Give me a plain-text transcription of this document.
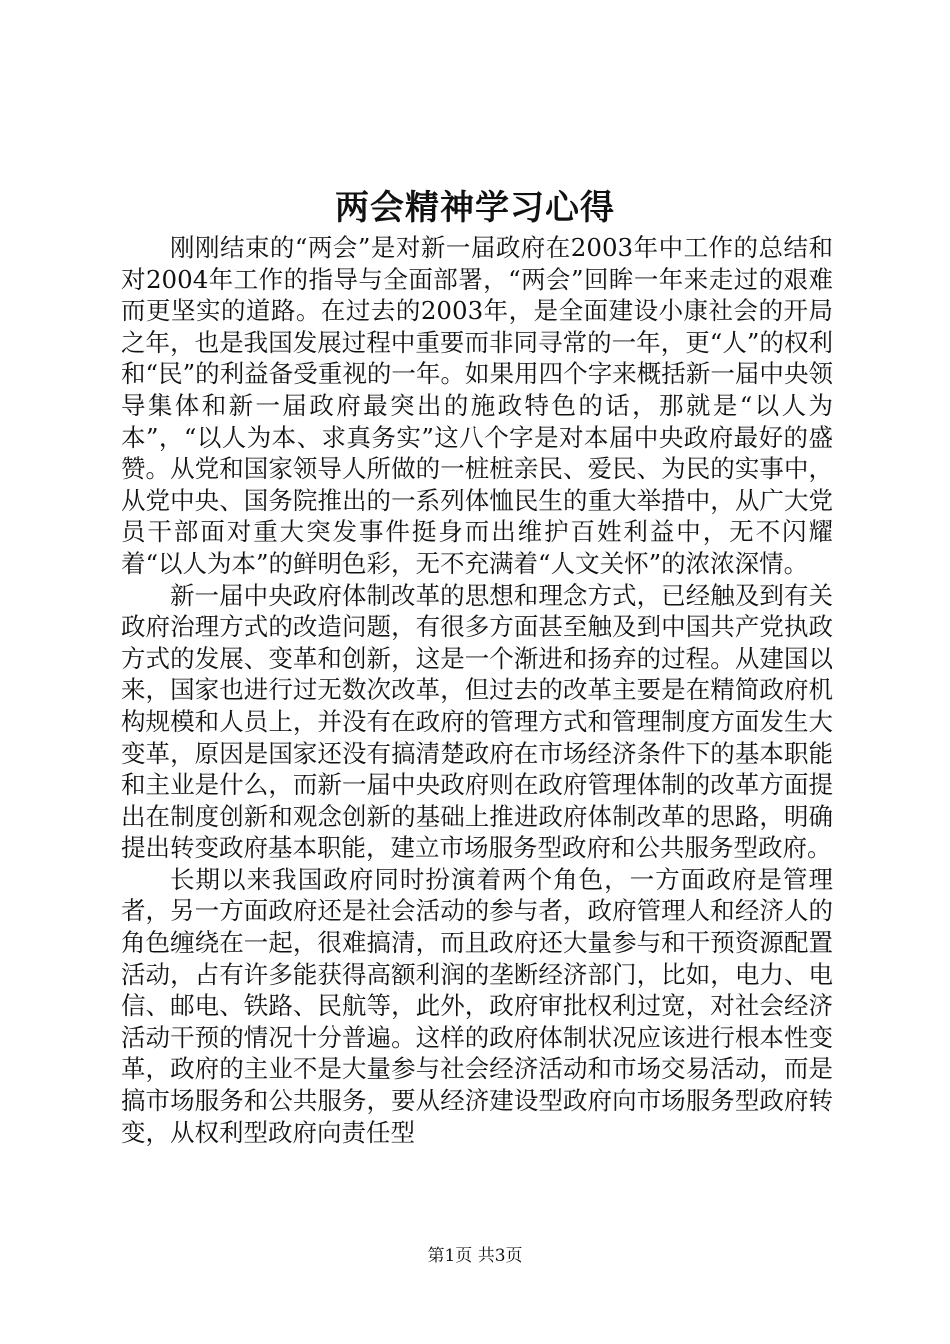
两会精神学习心得

刚刚结束的“两会”是对新一届政府在2003年中工作的总结和对2004年工作的指导与全面部署，“两会”回眸一年来走过的艰难而更坚实的道路。在过去的2003年，是全面建设小康社会的开局之年，也是我国发展过程中重要而非同寻常的一年，更“人”的权利和“民”的利益备受重视的一年。如果用四个字来概括新一届中央领导集体和新一届政府最突出的施政特色的话，那就是“以人为本”，“以人为本、求真务实”这八个字是对本届中央政府最好的盛赞。从党和国家领导人所做的一桩桩亲民、爱民、为民的实事中，从党中央、国务院推出的一系列体恤民生的重大举措中，从广大党员干部面对重大突发事件挺身而出维护百姓利益中，无不闪耀着“以人为本”的鲜明色彩，无不充满着“人文关怀”的浓浓深情。

新一届中央政府体制改革的思想和理念方式，已经触及到有关政府治理方式的改造问题，有很多方面甚至触及到中国共产党执政方式的发展、变革和创新，这是一个渐进和扬弃的过程。从建国以来，国家也进行过无数次改革，但过去的改革主要是在精简政府机构规模和人员上，并没有在政府的管理方式和管理制度方面发生大变革，原因是国家还没有搞清楚政府在市场经济条件下的基本职能和主业是什么，而新一届中央政府则在政府管理体制的改革方面提出在制度创新和观念创新的基础上推进政府体制改革的思路，明确提出转变政府基本职能，建立市场服务型政府和公共服务型政府。

长期以来我国政府同时扮演着两个角色，一方面政府是管理者，另一方面政府还是社会活动的参与者，政府管理人和经济人的角色缠绕在一起，很难搞清，而且政府还大量参与和干预资源配置活动，占有许多能获得高额利润的垄断经济部门，比如，电力、电信、邮电、铁路、民航等，此外，政府审批权利过宽，对社会经济活动干预的情况十分普遍。这样的政府体制状况应该进行根本性变革，政府的主业不是大量参与社会经济活动和市场交易活动，而是搞市场服务和公共服务，要从经济建设型政府向市场服务型政府转变，从权利型政府向责任型

第1页 共3页
